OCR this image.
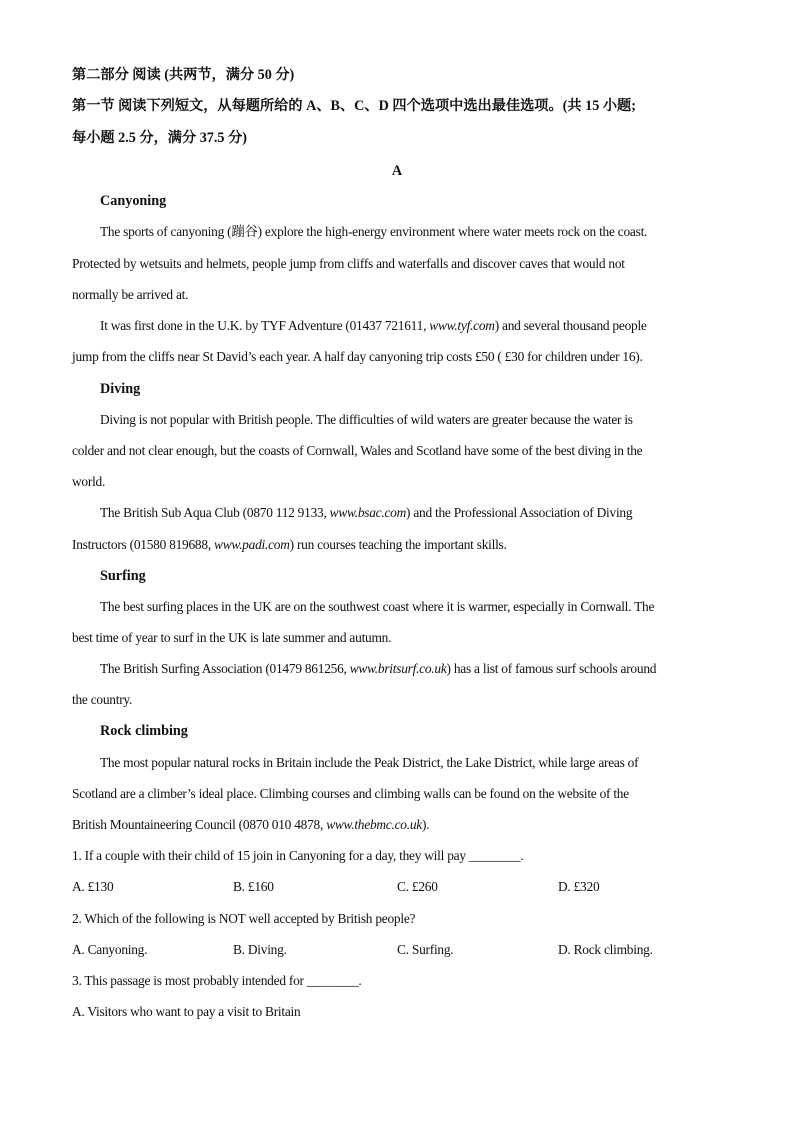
第二部分 阅读 (共两节，满分 50 分)
第一节 阅读下列短文，从每题所给的 A、B、C、D 四个选项中选出最佳选项。(共 15 小题;
每小题 2.5 分，满分 37.5 分)
A
Canyoning
The sports of canyoning (蹦谷) explore the high-energy environment where water meets rock on the coast.
Protected by wetsuits and helmets, people jump from cliffs and waterfalls and discover caves that would not
normally be arrived at.
It was first done in the U.K. by TYF Adventure (01437 721611, www.tyf.com) and several thousand people
jump from the cliffs near St David’s each year. A half day canyoning trip costs £50 ( £30 for children under 16).
Diving
Diving is not popular with British people. The difficulties of wild waters are greater because the water is
colder and not clear enough, but the coasts of Cornwall, Wales and Scotland have some of the best diving in the
world.
The British Sub Aqua Club (0870 112 9133, www.bsac.com) and the Professional Association of Diving
Instructors (01580 819688, www.padi.com) run courses teaching the important skills.
Surfing
The best surfing places in the UK are on the southwest coast where it is warmer, especially in Cornwall. The
best time of year to surf in the UK is late summer and autumn.
The British Surfing Association (01479 861256, www.britsurf.co.uk) has a list of famous surf schools around
the country.
Rock climbing
The most popular natural rocks in Britain include the Peak District, the Lake District, while large areas of
Scotland are a climber’s ideal place. Climbing courses and climbing walls can be found on the website of the
British Mountaineering Council (0870 010 4878, www.thebmc.co.uk).
1. If a couple with their child of 15 join in Canyoning for a day, they will pay ________.
A. £130	B. £160	C. £260	D. £320
2. Which of the following is NOT well accepted by British people?
A. Canyoning.	B. Diving.	C. Surfing.	D. Rock climbing.
3. This passage is most probably intended for ________.
A. Visitors who want to pay a visit to Britain
